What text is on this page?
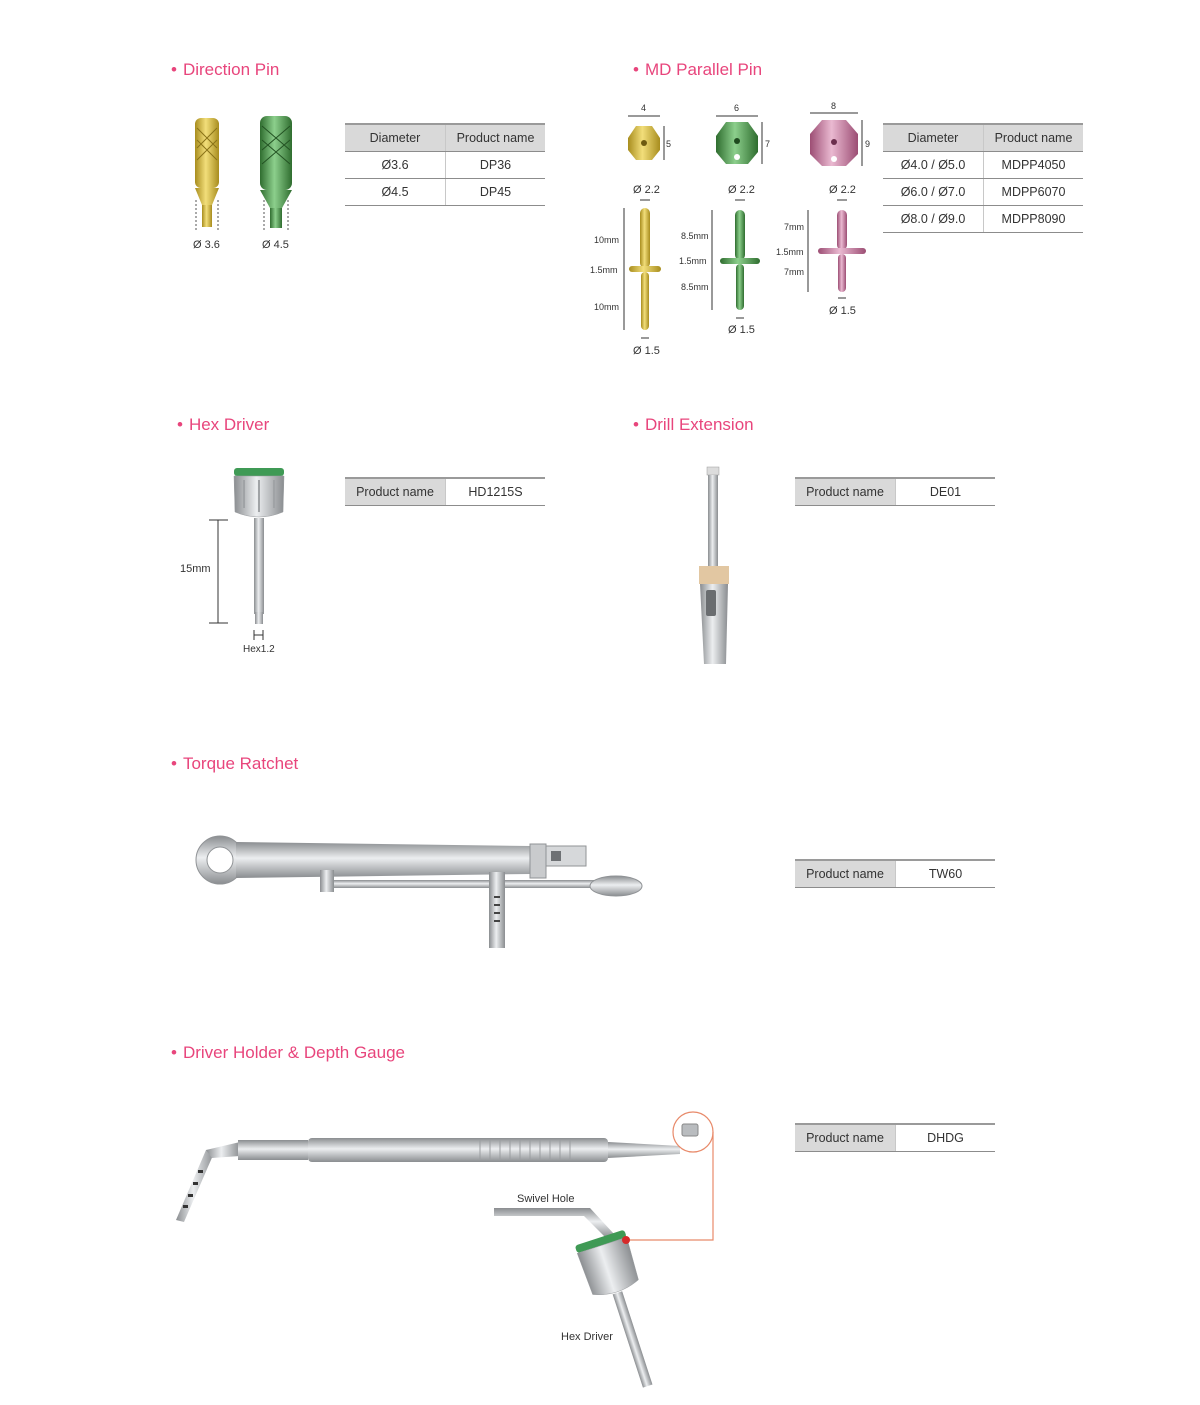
• Direction Pin	• MD Parallel Pin
• Hex Driver	• Drill Extension
• Torque Ratchet
• Driver Holder & Depth Gauge
Diameter	Product name
Ø3.6	DP36
Ø4.5	DP45
Diameter	Product name
Ø4.0 / Ø5.0	MDPP4050
Ø6.0 / Ø7.0	MDPP6070
Ø8.0 / Ø9.0	MDPP8090
Product name	HD1215S	Product name	DE01
Product name	TW60
Product name	DHDG
Ø 3.6	Ø 4.5
4
5
6
7
8
9
Ø 2.2
10mm
1.5mm
10mm
Ø 1.5
Ø 2.2
8.5mm
1.5mm
8.5mm
Ø 1.5
Ø 2.2
7mm
1.5mm
7mm
Ø 1.5
15mm
Hex1.2
Swivel Hole
Hex Driver
